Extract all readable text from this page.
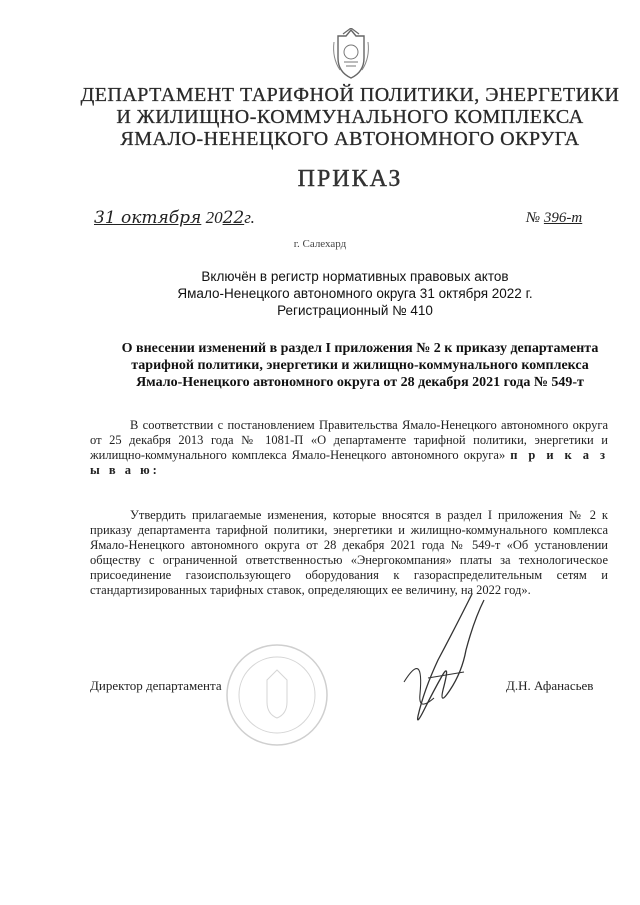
ДЕПАРТАМЕНТ ТАРИФНОЙ ПОЛИТИКИ, ЭНЕРГЕТИКИ
И ЖИЛИЩНО-КОММУНАЛЬНОГО КОМПЛЕКСА
ЯМАЛО-НЕНЕЦКОГО АВТОНОМНОГО ОКРУГА
ПРИКАЗ
31 октября 2022г.	№ 396-т
г. Салехард
Включён в регистр нормативных правовых актов
Ямало-Ненецкого автономного округа 31 октября 2022 г.
Регистрационный № 410
О внесении изменений в раздел I приложения № 2 к приказу департамента
тарифной политики, энергетики и жилищно-коммунального комплекса
Ямало-Ненецкого автономного округа от 28 декабря 2021 года № 549-т
В соответствии с постановлением Правительства Ямало-Ненецкого автономного округа от 25 декабря 2013 года № 1081-П «О департаменте тарифной политики, энергетики и жилищно-коммунального комплекса Ямало-Ненецкого автономного округа» п р и к а з ы в а ю:
Утвердить прилагаемые изменения, которые вносятся в раздел I приложения № 2 к приказу департамента тарифной политики, энергетики и жилищно-коммунального комплекса Ямало-Ненецкого автономного округа от 28 декабря 2021 года № 549-т «Об установлении обществу с ограниченной ответственностью «Энергокомпания» платы за технологическое присоединение газоиспользующего оборудования к газораспределительным сетям и стандартизированных тарифных ставок, определяющих ее величину, на 2022 год».
Директор департамента	Д.Н. Афанасьев
